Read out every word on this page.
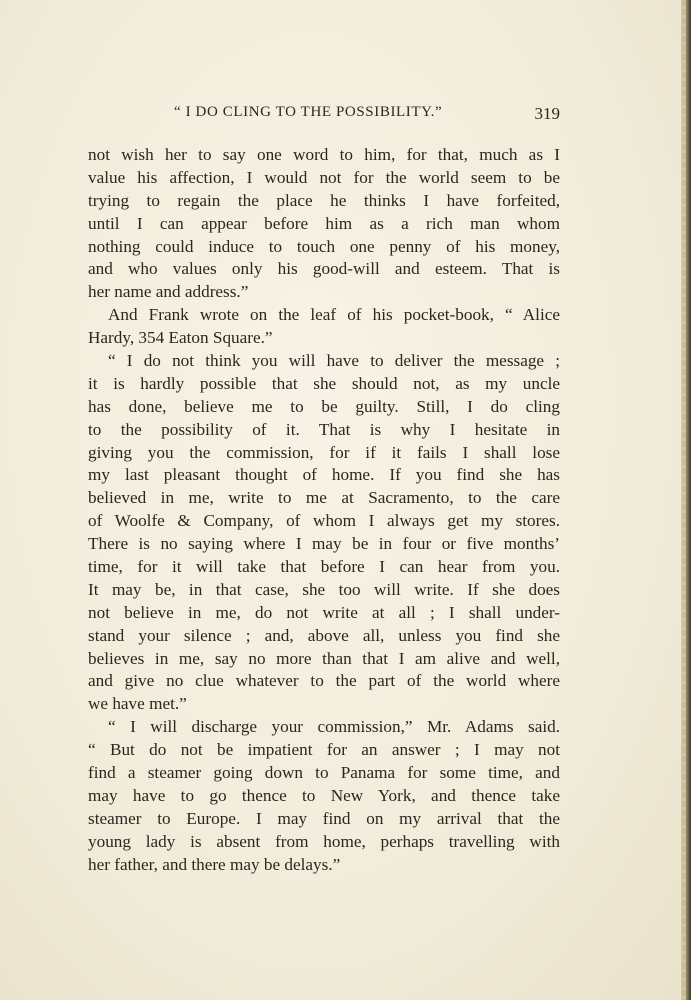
“ I DO CLING TO THE POSSIBILITY.”	319
not wish her to say one word to him, for that, much as I
value his affection, I would not for the world seem to be
trying to regain the place he thinks I have forfeited,
until I can appear before him as a rich man whom
nothing could induce to touch one penny of his money,
and who values only his good-will and esteem. That is
her name and address.”
And Frank wrote on the leaf of his pocket-book, “ Alice
Hardy, 354 Eaton Square.”
“ I do not think you will have to deliver the message ;
it is hardly possible that she should not, as my uncle
has done, believe me to be guilty. Still, I do cling
to the possibility of it. That is why I hesitate in
giving you the commission, for if it fails I shall lose
my last pleasant thought of home. If you find she has
believed in me, write to me at Sacramento, to the care
of Woolfe & Company, of whom I always get my stores.
There is no saying where I may be in four or five months’
time, for it will take that before I can hear from you.
It may be, in that case, she too will write. If she does
not believe in me, do not write at all ; I shall under-
stand your silence ; and, above all, unless you find she
believes in me, say no more than that I am alive and well,
and give no clue whatever to the part of the world where
we have met.”
“ I will discharge your commission,” Mr. Adams said.
“ But do not be impatient for an answer ; I may not
find a steamer going down to Panama for some time, and
may have to go thence to New York, and thence take
steamer to Europe. I may find on my arrival that the
young lady is absent from home, perhaps travelling with
her father, and there may be delays.”
